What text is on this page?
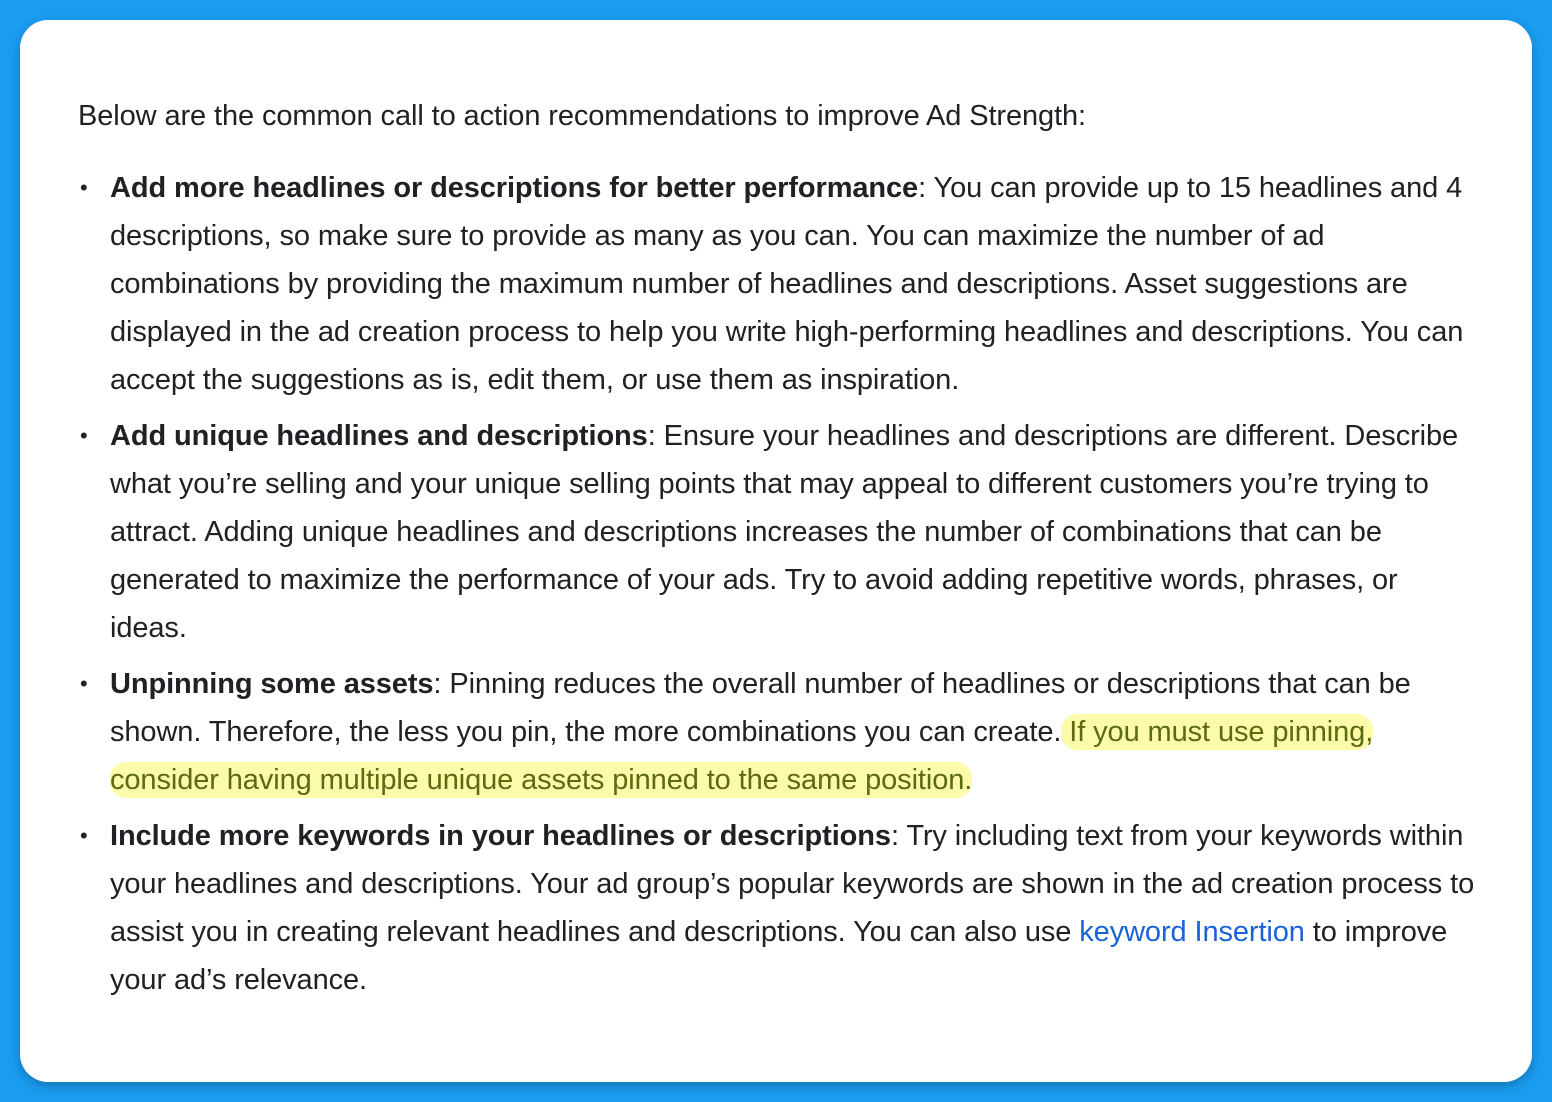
Below are the common call to action recommendations to improve Ad Strength:

• Add more headlines or descriptions for better performance: You can provide up to 15 headlines and 4 descriptions, so make sure to provide as many as you can. You can maximize the number of ad combinations by providing the maximum number of headlines and descriptions. Asset suggestions are displayed in the ad creation process to help you write high-performing headlines and descriptions. You can accept the suggestions as is, edit them, or use them as inspiration.
• Add unique headlines and descriptions: Ensure your headlines and descriptions are different. Describe what you’re selling and your unique selling points that may appeal to different customers you’re trying to attract. Adding unique headlines and descriptions increases the number of combinations that can be generated to maximize the performance of your ads. Try to avoid adding repetitive words, phrases, or ideas.
• Unpinning some assets: Pinning reduces the overall number of headlines or descriptions that can be shown. Therefore, the less you pin, the more combinations you can create. If you must use pinning, consider having multiple unique assets pinned to the same position.
• Include more keywords in your headlines or descriptions: Try including text from your keywords within your headlines and descriptions. Your ad group’s popular keywords are shown in the ad creation process to assist you in creating relevant headlines and descriptions. You can also use keyword Insertion to improve your ad’s relevance.
